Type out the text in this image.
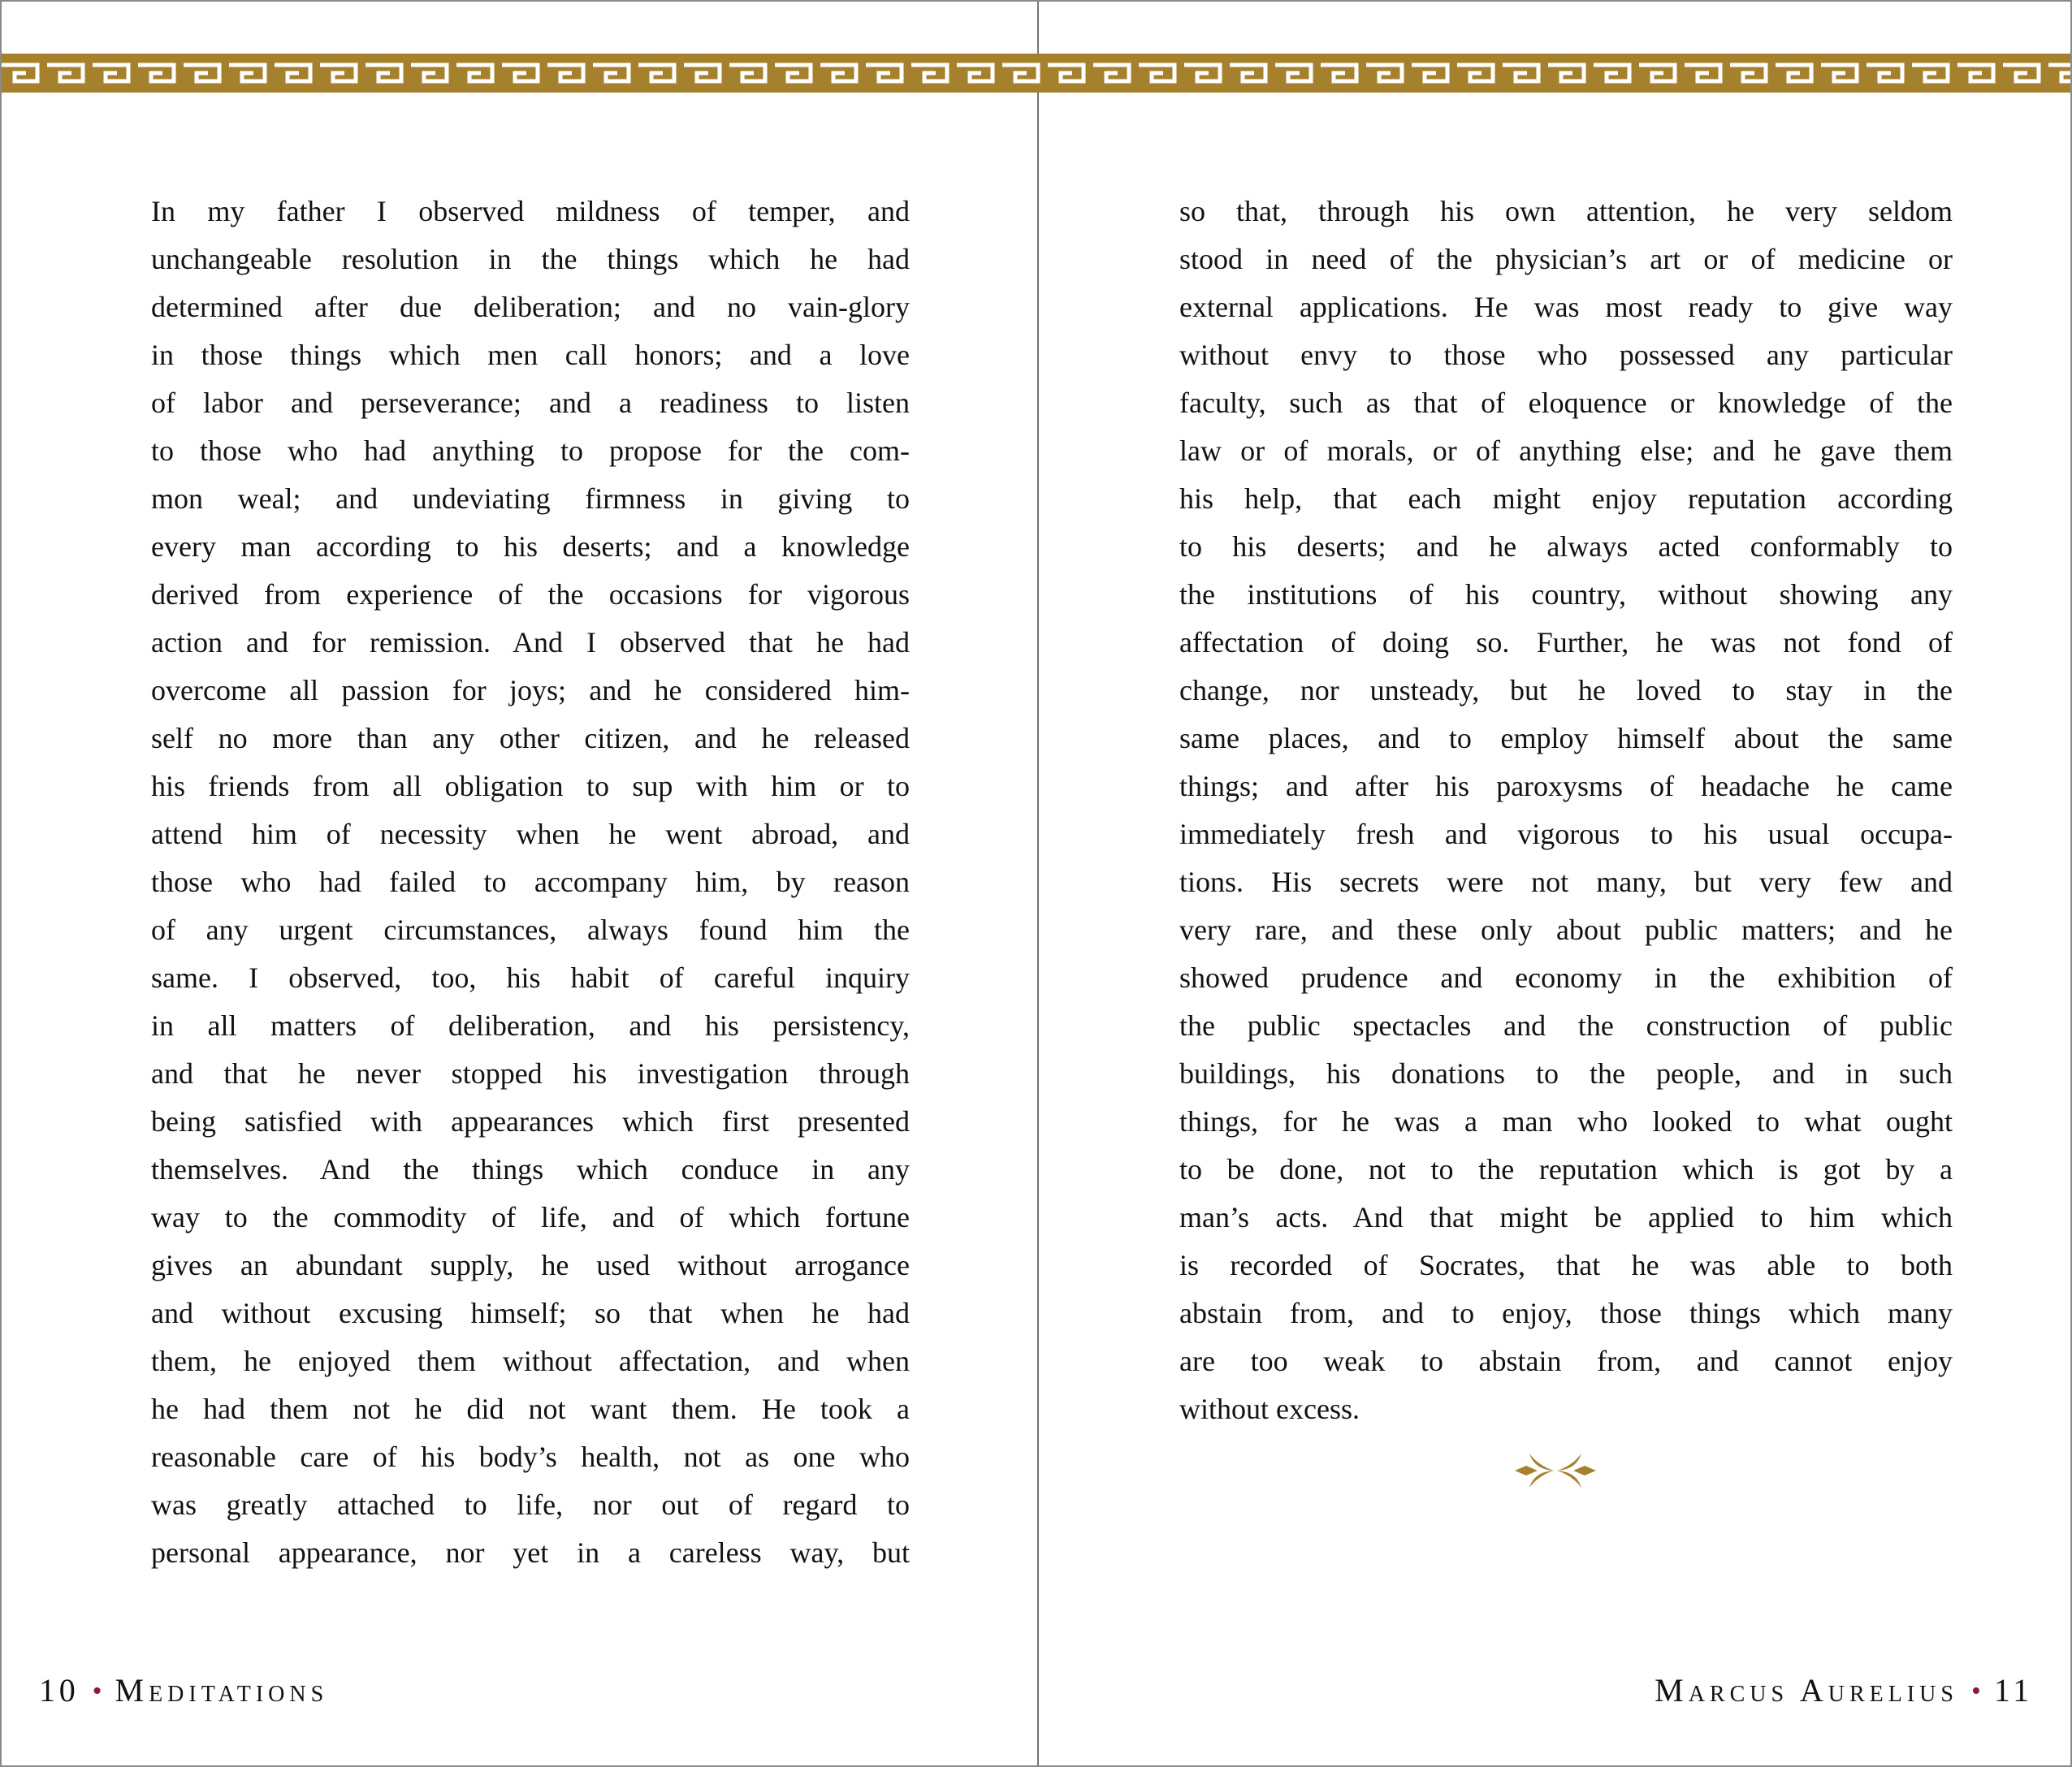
In my father I observed mildness of temper, and
unchangeable resolution in the things which he had
determined after due deliberation; and no vain-glory
in those things which men call honors; and a love
of labor and perseverance; and a readiness to listen
to those who had anything to propose for the com-
mon weal; and undeviating firmness in giving to
every man according to his deserts; and a knowledge
derived from experience of the occasions for vigorous
action and for remission. And I observed that he had
overcome all passion for joys; and he considered him-
self no more than any other citizen, and he released
his friends from all obligation to sup with him or to
attend him of necessity when he went abroad, and
those who had failed to accompany him, by reason
of any urgent circumstances, always found him the
same. I observed, too, his habit of careful inquiry
in all matters of deliberation, and his persistency,
and that he never stopped his investigation through
being satisfied with appearances which first presented
themselves. And the things which conduce in any
way to the commodity of life, and of which fortune
gives an abundant supply, he used without arrogance
and without excusing himself; so that when he had
them, he enjoyed them without affectation, and when
he had them not he did not want them. He took a
reasonable care of his body’s health, not as one who
was greatly attached to life, nor out of regard to
personal appearance, nor yet in a careless way, but
10 • Meditations
so that, through his own attention, he very seldom
stood in need of the physician’s art or of medicine or
external applications. He was most ready to give way
without envy to those who possessed any particular
faculty, such as that of eloquence or knowledge of the
law or of morals, or of anything else; and he gave them
his help, that each might enjoy reputation according
to his deserts; and he always acted conformably to
the institutions of his country, without showing any
affectation of doing so. Further, he was not fond of
change, nor unsteady, but he loved to stay in the
same places, and to employ himself about the same
things; and after his paroxysms of headache he came
immediately fresh and vigorous to his usual occupa-
tions. His secrets were not many, but very few and
very rare, and these only about public matters; and he
showed prudence and economy in the exhibition of
the public spectacles and the construction of public
buildings, his donations to the people, and in such
things, for he was a man who looked to what ought
to be done, not to the reputation which is got by a
man’s acts. And that might be applied to him which
is recorded of Socrates, that he was able to both
abstain from, and to enjoy, those things which many
are too weak to abstain from, and cannot enjoy
without excess.
Marcus Aurelius • 11
